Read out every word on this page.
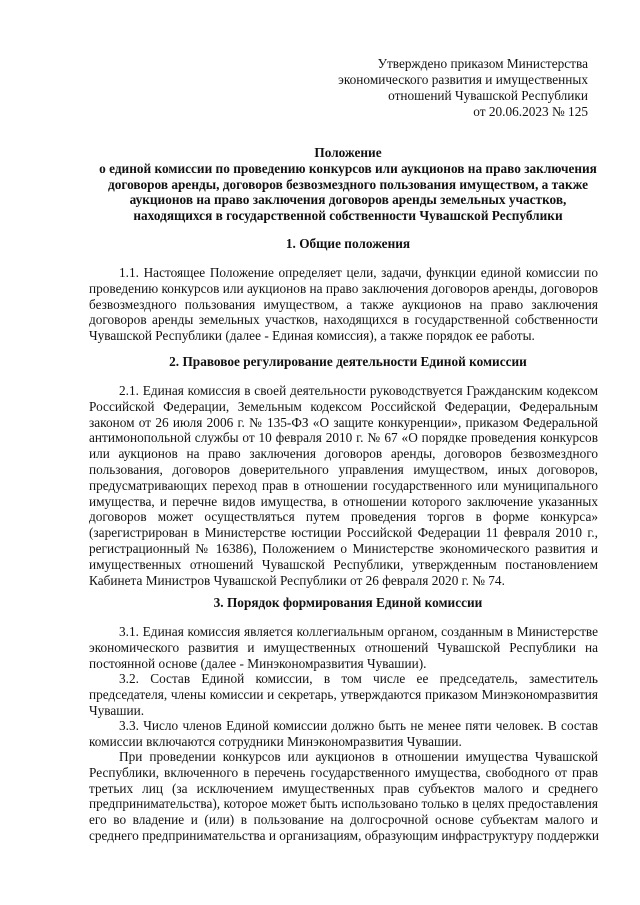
Утверждено приказом Министерства
экономического развития и имущественных
отношений Чувашской Республики
от 20.06.2023 № 125
Положение
о единой комиссии по проведению конкурсов или аукционов на право заключения
договоров аренды, договоров безвозмездного пользования имуществом, а также
аукционов на право заключения договоров аренды земельных участков,
находящихся в государственной собственности Чувашской Республики
1. Общие положения
1.1. Настоящее Положение определяет цели, задачи, функции единой комиссии по
проведению конкурсов или аукционов на право заключения договоров аренды, договоров
безвозмездного пользования имуществом, а также аукционов на право заключения
договоров аренды земельных участков, находящихся в государственной собственности
Чувашской Республики (далее - Единая комиссия), а также порядок ее работы.
2. Правовое регулирование деятельности Единой комиссии
2.1. Единая комиссия в своей деятельности руководствуется Гражданским кодексом
Российской Федерации, Земельным кодексом Российской Федерации, Федеральным
законом от 26 июля 2006 г. № 135-ФЗ «О защите конкуренции», приказом Федеральной
антимонопольной службы от 10 февраля 2010 г. № 67 «О порядке проведения конкурсов
или аукционов на право заключения договоров аренды, договоров безвозмездного
пользования, договоров доверительного управления имуществом, иных договоров,
предусматривающих переход прав в отношении государственного или муниципального
имущества, и перечне видов имущества, в отношении которого заключение указанных
договоров может осуществляться путем проведения торгов в форме конкурса»
(зарегистрирован в Министерстве юстиции Российской Федерации 11 февраля 2010 г.,
регистрационный № 16386), Положением о Министерстве экономического развития и
имущественных отношений Чувашской Республики, утвержденным постановлением
Кабинета Министров Чувашской Республики от 26 февраля 2020 г. № 74.
3. Порядок формирования Единой комиссии
3.1. Единая комиссия является коллегиальным органом, созданным в Министерстве
экономического развития и имущественных отношений Чувашской Республики на
постоянной основе (далее - Минэкономразвития Чувашии).
3.2. Состав Единой комиссии, в том числе ее председатель, заместитель
председателя, члены комиссии и секретарь, утверждаются приказом Минэкономразвития
Чувашии.
3.3. Число членов Единой комиссии должно быть не менее пяти человек. В состав
комиссии включаются сотрудники Минэкономразвития Чувашии.
При проведении конкурсов или аукционов в отношении имущества Чувашской
Республики, включенного в перечень государственного имущества, свободного от прав
третьих лиц (за исключением имущественных прав субъектов малого и среднего
предпринимательства), которое может быть использовано только в целях предоставления
его во владение и (или) в пользование на долгосрочной основе субъектам малого и
среднего предпринимательства и организациям, образующим инфраструктуру поддержки
